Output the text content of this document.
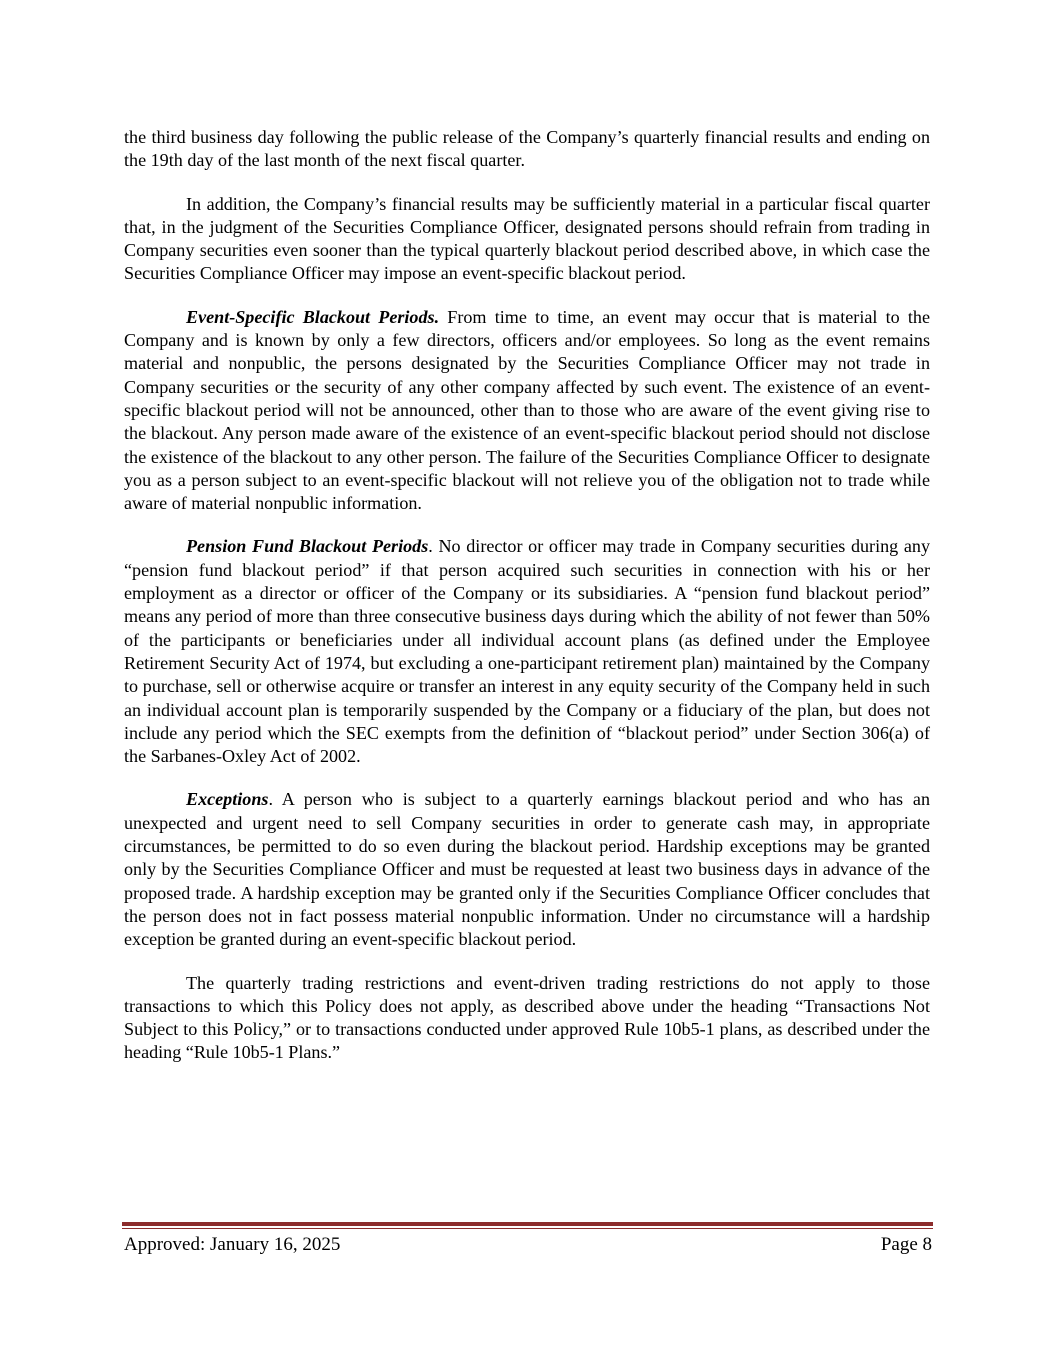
the third business day following the public release of the Company’s quarterly financial results and ending on the 19th day of the last month of the next fiscal quarter.

In addition, the Company’s financial results may be sufficiently material in a particular fiscal quarter that, in the judgment of the Securities Compliance Officer, designated persons should refrain from trading in Company securities even sooner than the typical quarterly blackout period described above, in which case the Securities Compliance Officer may impose an event-specific blackout period.

Event-Specific Blackout Periods. From time to time, an event may occur that is material to the Company and is known by only a few directors, officers and/or employees. So long as the event remains material and nonpublic, the persons designated by the Securities Compliance Officer may not trade in Company securities or the security of any other company affected by such event. The existence of an event-specific blackout period will not be announced, other than to those who are aware of the event giving rise to the blackout. Any person made aware of the existence of an event-specific blackout period should not disclose the existence of the blackout to any other person. The failure of the Securities Compliance Officer to designate you as a person subject to an event-specific blackout will not relieve you of the obligation not to trade while aware of material nonpublic information.

Pension Fund Blackout Periods. No director or officer may trade in Company securities during any “pension fund blackout period” if that person acquired such securities in connection with his or her employment as a director or officer of the Company or its subsidiaries. A “pension fund blackout period” means any period of more than three consecutive business days during which the ability of not fewer than 50% of the participants or beneficiaries under all individual account plans (as defined under the Employee Retirement Security Act of 1974, but excluding a one-participant retirement plan) maintained by the Company to purchase, sell or otherwise acquire or transfer an interest in any equity security of the Company held in such an individual account plan is temporarily suspended by the Company or a fiduciary of the plan, but does not include any period which the SEC exempts from the definition of “blackout period” under Section 306(a) of the Sarbanes-Oxley Act of 2002.

Exceptions. A person who is subject to a quarterly earnings blackout period and who has an unexpected and urgent need to sell Company securities in order to generate cash may, in appropriate circumstances, be permitted to do so even during the blackout period. Hardship exceptions may be granted only by the Securities Compliance Officer and must be requested at least two business days in advance of the proposed trade. A hardship exception may be granted only if the Securities Compliance Officer concludes that the person does not in fact possess material nonpublic information. Under no circumstance will a hardship exception be granted during an event-specific blackout period.

The quarterly trading restrictions and event-driven trading restrictions do not apply to those transactions to which this Policy does not apply, as described above under the heading “Transactions Not Subject to this Policy,” or to transactions conducted under approved Rule 10b5-1 plans, as described under the heading “Rule 10b5-1 Plans.”

Approved: January 16, 2025	Page 8
